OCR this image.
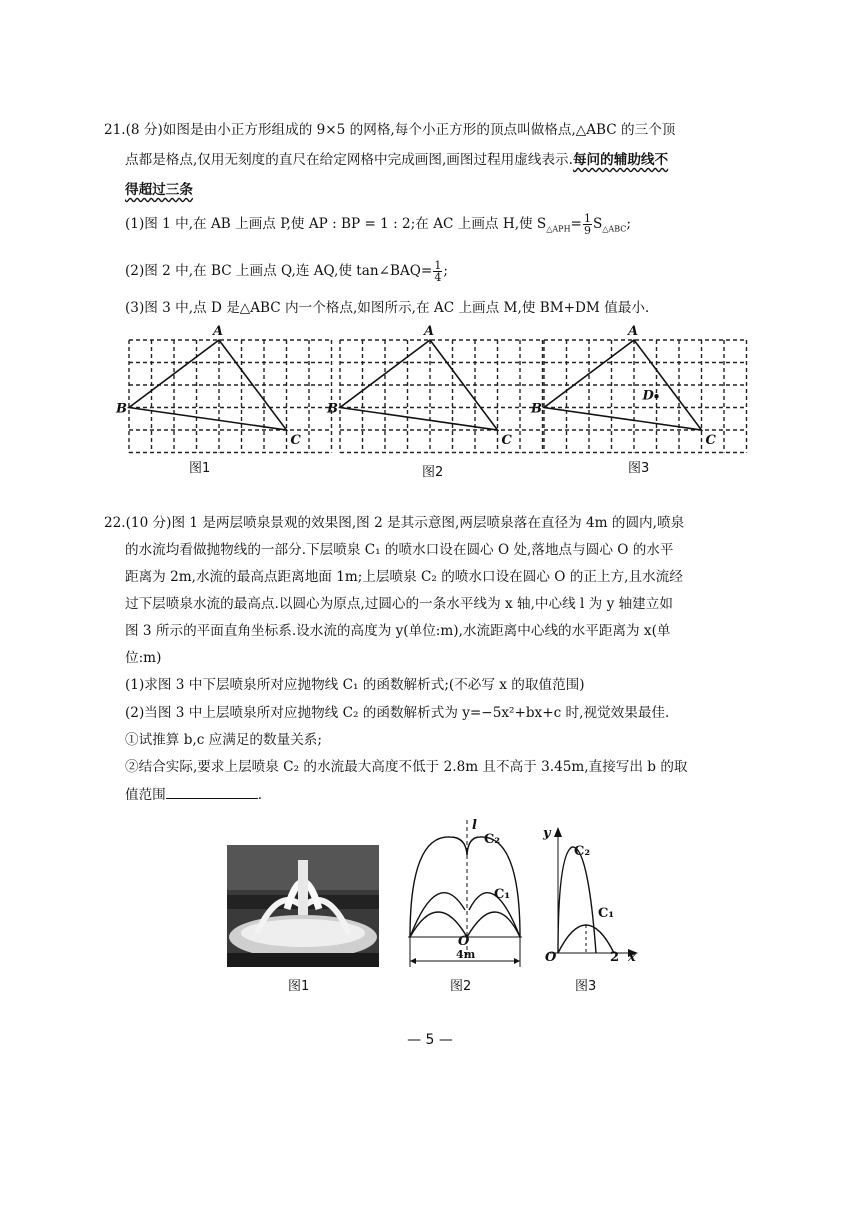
21.(8 分)如图是由小正方形组成的 9×5 的网格,每个小正方形的顶点叫做格点,△ABC 的三个顶
点都是格点,仅用无刻度的直尺在给定网格中完成画图,画图过程用虚线表示.每问的辅助线不
得超过三条
(1)图 1 中,在 AB 上画点 P,使 AP : BP = 1 : 2;在 AC 上画点 H,使 $S_{\triangle APH}= \frac{1}{9} S_{\triangle ABC}$;
(2)图 2 中,在 BC 上画点 Q,连 AQ,使 tan∠BAQ= $\frac{1}{4}$ ;
(3)图 3 中,点 D 是△ABC 内一个格点,如图所示,在 AC 上画点 M,使 BM+DM 值最小.
A
B
C
A
B
C
A
B
C
D
图1	图2	图3
22.(10 分)图 1 是两层喷泉景观的效果图,图 2 是其示意图,两层喷泉落在直径为 4m 的圆内,喷泉
的水流均看做抛物线的一部分.下层喷泉 C₁ 的喷水口设在圆心 O 处,落地点与圆心 O 的水平
距离为 2m,水流的最高点距离地面 1m;上层喷泉 C₂ 的喷水口设在圆心 O 的正上方,且水流经
过下层喷泉水流的最高点.以圆心为原点,过圆心的一条水平线为 x 轴,中心线 l 为 y 轴建立如
图 3 所示的平面直角坐标系.设水流的高度为 y(单位:m),水流距离中心线的水平距离为 x(单
位:m)
(1)求图 3 中下层喷泉所对应抛物线 C₁ 的函数解析式;(不必写 x 的取值范围)
(2)当图 3 中上层喷泉所对应抛物线 C₂ 的函数解析式为 y=−5x²+bx+c 时,视觉效果最佳.
①试推算 b,c 应满足的数量关系;
②结合实际,要求上层喷泉 C₂ 的水流最大高度不低于 2.8m 且不高于 3.45m,直接写出 b 的取
值范围	.
l
C₂
C₁
O
4m
y
C₂
C₁
O	2 x
图1	图2	图3
— 5 —
